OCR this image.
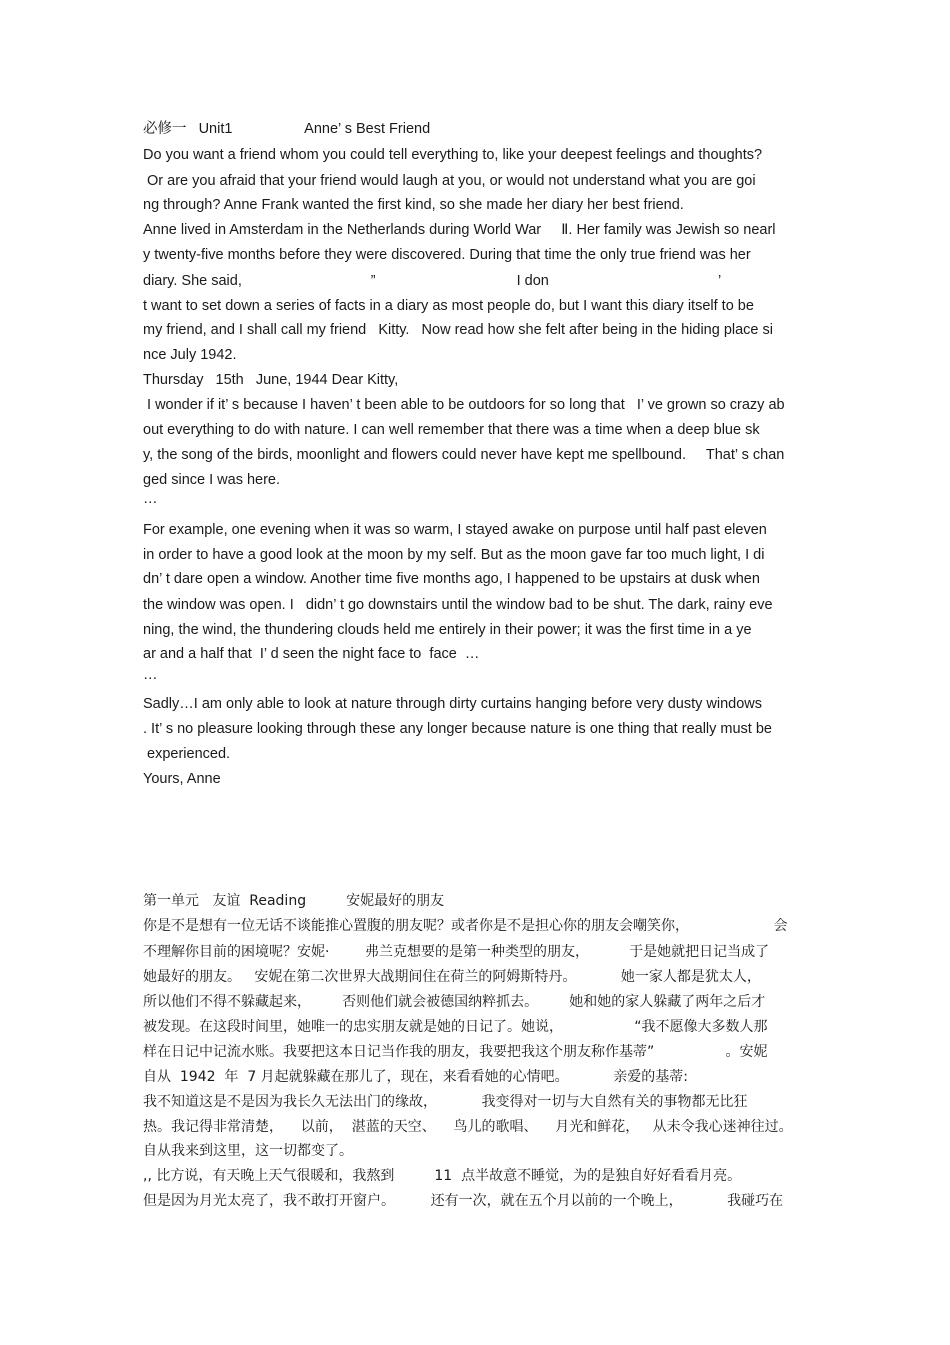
必修一   Unit1                  Anne’ s Best Friend
Do you want a friend whom you could tell everything to, like your deepest feelings and thoughts?
Or are you afraid that your friend would laugh at you, or would not understand what you are goi
ng through? Anne Frank wanted the first kind, so she made her diary her best friend.
Anne lived in Amsterdam in the Netherlands during World War     Ⅱ. Her family was Jewish so nearl
y twenty-five months before they were discovered. During that time the only true friend was her
diary. She said,                                ”                                   I don                                          ’
t want to set down a series of facts in a diary as most people do, but I want this diary itself to be
my friend, and I shall call my friend   Kitty.   Now read how she felt after being in the hiding place si
nce July 1942.
Thursday   15th   June, 1944 Dear Kitty,
I wonder if it’ s because I haven’ t been able to be outdoors for so long that   I’ ve grown so crazy ab
out everything to do with nature. I can well remember that there was a time when a deep blue sk
y, the song of the birds, moonlight and flowers could never have kept me spellbound.     That’ s chan
ged since I was here.
…
For example, one evening when it was so warm, I stayed awake on purpose until half past eleven
in order to have a good look at the moon by my self. But as the moon gave far too much light, I di
dn’ t dare open a window. Another time five months ago, I happened to be upstairs at dusk when
the window was open. I   didn’ t go downstairs until the window bad to be shut. The dark, rainy eve
ning, the wind, the thundering clouds held me entirely in their power; it was the first time in a ye
ar and a half that  I’ d seen the night face to  face  …
…
Sadly…I am only able to look at nature through dirty curtains hanging before very dusty windows
. It’ s no pleasure looking through these any longer because nature is one thing that really must be
experienced.
Yours, Anne
第一单元   友谊  Reading         安妮最好的朋友
你是不是想有一位无话不谈能推心置腹的朋友呢？或者你是不是担心你的朋友会嘲笑你，                   会
不理解你目前的困境呢？安妮·        弗兰克想要的是第一种类型的朋友，         于是她就把日记当成了
她最好的朋友。   安妮在第二次世界大战期间住在荷兰的阿姆斯特丹。          她一家人都是犹太人，
所以他们不得不躲藏起来，       否则他们就会被德国纳粹抓去。       她和她的家人躲藏了两年之后才
被发现。在这段时间里，她唯一的忠实朋友就是她的日记了。她说，                “我不愿像大多数人那
样在日记中记流水账。我要把这本日记当作我的朋友，我要把我这个朋友称作基蒂”                。安妮
自从  1942  年  7 月起就躲藏在那儿了，现在，来看看她的心情吧。          亲爱的基蒂:
我不知道这是不是因为我长久无法出门的缘故，          我变得对一切与大自然有关的事物都无比狂
热。我记得非常清楚，    以前，  湛蓝的天空、    鸟儿的歌唱、    月光和鲜花，   从未令我心迷神往过。
自从我来到这里，这一切都变了。
,, 比方说，有天晚上天气很暖和，我熬到         11  点半故意不睡觉，为的是独自好好看看月亮。
但是因为月光太亮了，我不敢打开窗户。        还有一次，就在五个月以前的一个晚上，          我碰巧在
